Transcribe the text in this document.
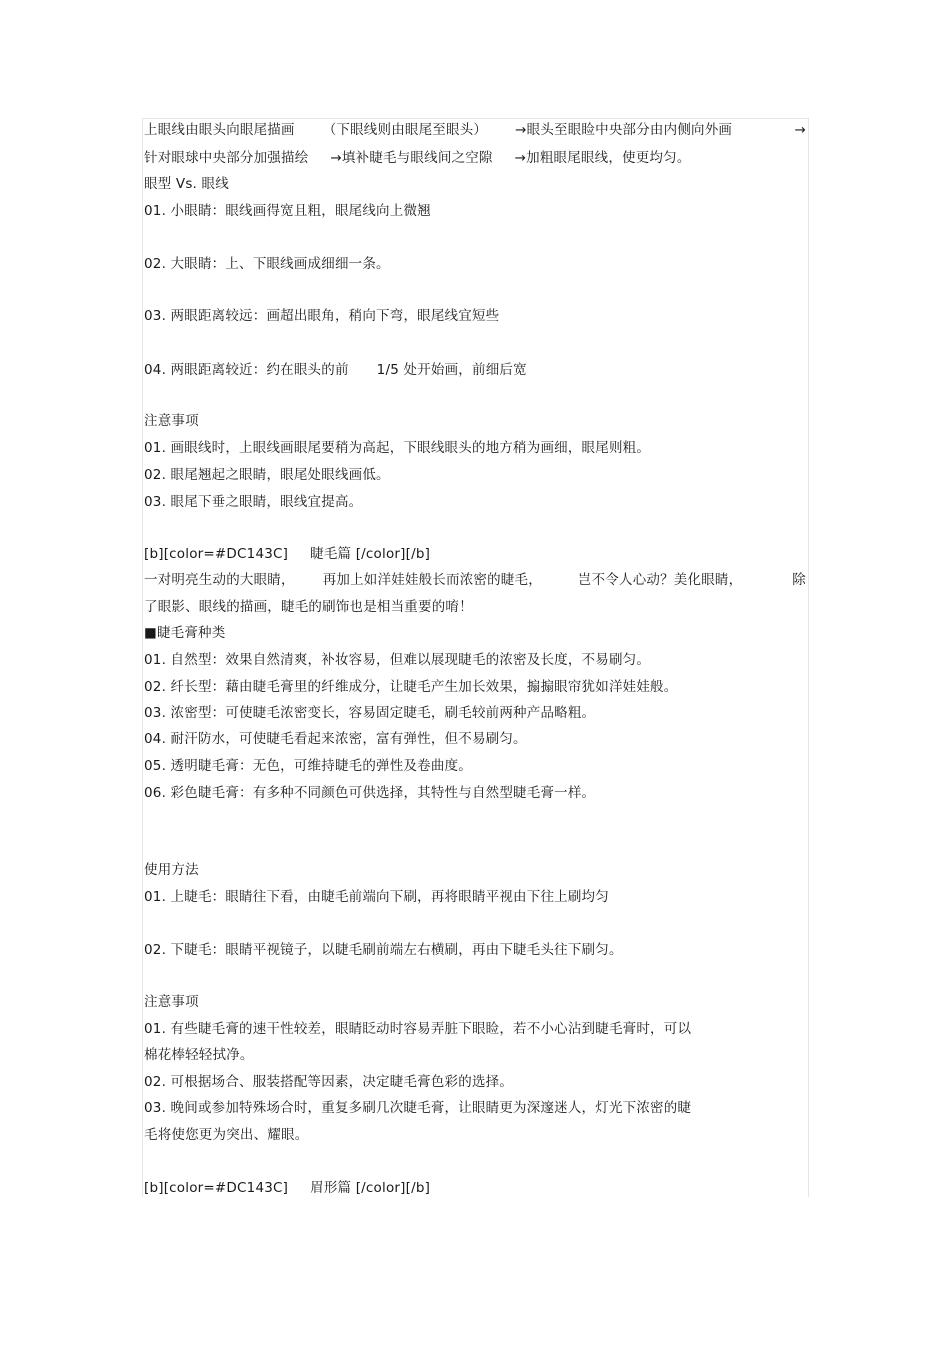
上眼线由眼头向眼尾描画 （下眼线则由眼尾至眼头） →眼头至眼睑中央部分由内侧向外画	→
针对眼球中央部分加强描绘 →填补睫毛与眼线间之空隙 →加粗眼尾眼线，使更均匀。
眼型 Vs. 眼线
01. 小眼睛：眼线画得宽且粗，眼尾线向上微翘
02. 大眼睛：上、下眼线画成细细一条。
03. 两眼距离较远：画超出眼角，稍向下弯，眼尾线宜短些
04. 两眼距离较近：约在眼头的前 1/5 处开始画，前细后宽
注意事项
01. 画眼线时，上眼线画眼尾要稍为高起，下眼线眼头的地方稍为画细，眼尾则粗。
02. 眼尾翘起之眼睛，眼尾处眼线画低。
03. 眼尾下垂之眼睛，眼线宜提高。
[b][color=#DC143C] 睫毛篇 [/color][/b]
一对明亮生动的大眼睛， 再加上如洋娃娃般长而浓密的睫毛，	岂不令人心动？美化眼睛，	除
了眼影、眼线的描画，睫毛的刷饰也是相当重要的唷！
■睫毛膏种类
01. 自然型：效果自然清爽，补妆容易，但难以展现睫毛的浓密及长度，不易刷匀。
02. 纤长型：藉由睫毛膏里的纤维成分，让睫毛产生加长效果，搧搧眼帘犹如洋娃娃般。
03. 浓密型：可使睫毛浓密变长，容易固定睫毛，刷毛较前两种产品略粗。
04. 耐汗防水，可使睫毛看起来浓密，富有弹性，但不易刷匀。
05. 透明睫毛膏：无色，可维持睫毛的弹性及卷曲度。
06. 彩色睫毛膏：有多种不同颜色可供选择，其特性与自然型睫毛膏一样。
使用方法
01. 上睫毛：眼睛往下看，由睫毛前端向下刷，再将眼睛平视由下往上刷均匀
02. 下睫毛：眼睛平视镜子，以睫毛刷前端左右横刷，再由下睫毛头往下刷匀。
注意事项
01. 有些睫毛膏的速干性较差，眼睛眨动时容易弄脏下眼睑，若不小心沾到睫毛膏时，可以
棉花棒轻轻拭净。
02. 可根据场合、服装搭配等因素，决定睫毛膏色彩的选择。
03. 晚间或参加特殊场合时，重复多刷几次睫毛膏，让眼睛更为深邃迷人，灯光下浓密的睫
毛将使您更为突出、耀眼。
[b][color=#DC143C] 眉形篇 [/color][/b]
